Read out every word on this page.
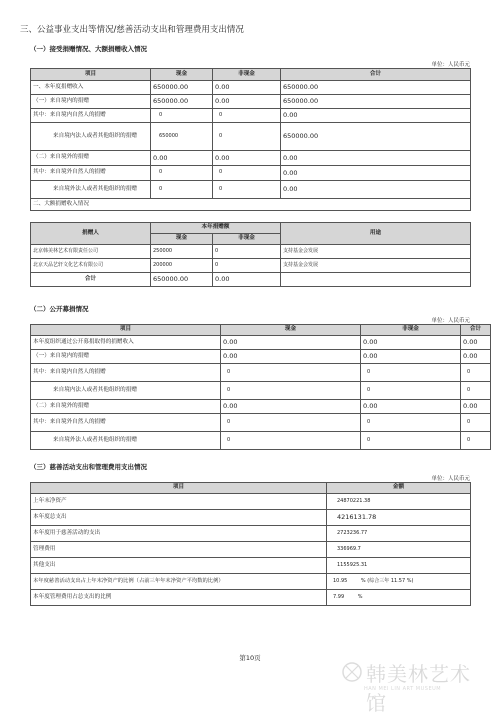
三、公益事业支出等情况/慈善活动支出和管理费用支出情况
（一）接受捐赠情况、大额捐赠收入情况
单位：人民币元
项目	现金	非现金	合计
一、本年度捐赠收入	650000.00	0.00	650000.00
（一）来自境内的捐赠	650000.00	0.00	650000.00
其中：来自境内自然人的捐赠	0	0	0.00
来自境内法人或者其他组织的捐赠	650000	0	650000.00
（二）来自境外的捐赠	0.00	0.00	0.00
其中：来自境外自然人的捐赠	0	0	0.00
来自境外法人或者其他组织的捐赠	0	0	0.00
二、大额捐赠收入情况			
捐赠人	本年捐赠额		用途
	现金	非现金	
北京韩美林艺术有限责任公司	250000	0	支持基金会发展
北京天品艺轩文化艺术有限公司	200000	0	支持基金会发展
合计	650000.00	0.00	
（二）公开募捐情况
单位：人民币元
项目	现金	非现金	合计
本年度组织通过公开募捐取得的捐赠收入	0.00	0.00	0.00
（一）来自境内的捐赠	0.00	0.00	0.00
其中：来自境内自然人的捐赠	0	0	0
来自境内法人或者其他组织的捐赠	0	0	0
（二）来自境外的捐赠	0.00	0.00	0.00
其中：来自境外自然人的捐赠	0	0	0
来自境外法人或者其他组织的捐赠	0	0	0
（三）慈善活动支出和管理费用支出情况
单位：人民币元
项目	金额
上年末净资产	24870221.38
本年度总支出	4216131.78
本年度用于慈善活动的支出	2723236.77
管理费用	336969.7
其他支出	1155925.31
本年度慈善活动支出占上年末净资产的比例（占前三年年末净资产平均数的比例）	10.95 % (综合三年 11.57 %)
本年度管理费用占总支出的比例	7.99 %
第10页
韩美林艺术馆
HAN MEI LIN ART MUSEUM
